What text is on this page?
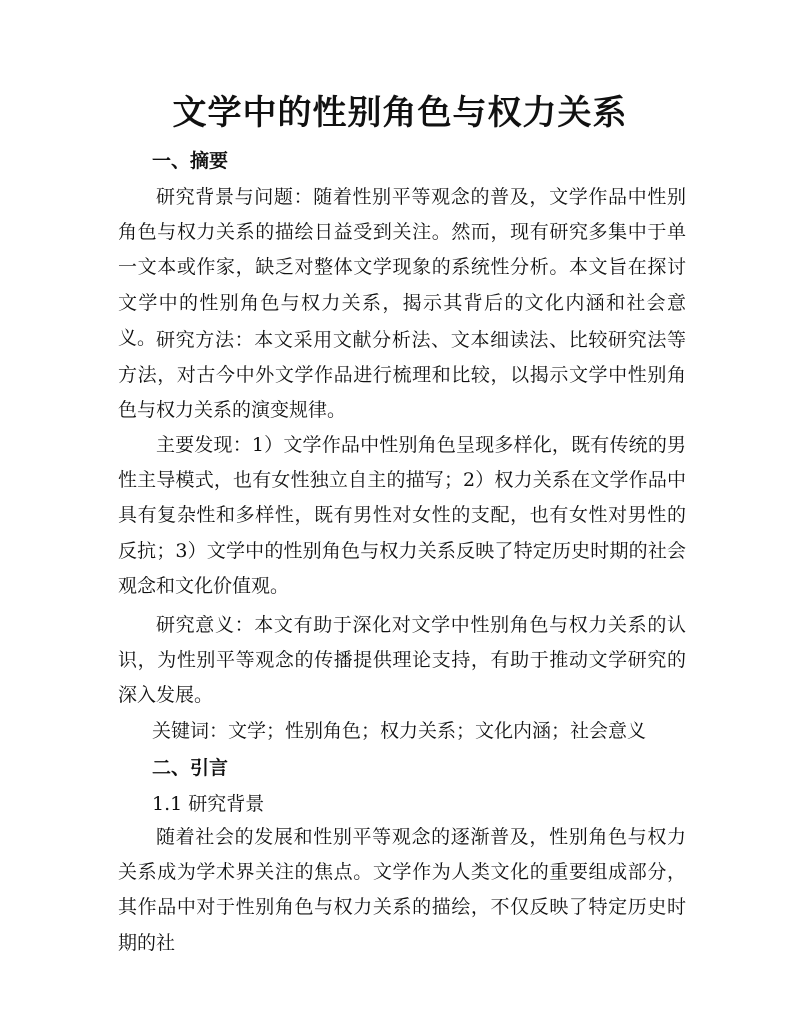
文学中的性别角色与权力关系
一、摘要

研究背景与问题：随着性别平等观念的普及，文学作品中性别角色与权力关系的描绘日益受到关注。然而，现有研究多集中于单一文本或作家，缺乏对整体文学现象的系统性分析。本文旨在探讨文学中的性别角色与权力关系，揭示其背后的文化内涵和社会意义。 研究方法：本文采用文献分析法、文本细读法、比较研究法等方法，对古今中外文学作品进行梳理和比较，以揭示文学中性别角色与权力关系的演变规律。

主要发现：1）文学作品中性别角色呈现多样化，既有传统的男性主导模式，也有女性独立自主的描写；2）权力关系在文学作品中具有复杂性和多样性，既有男性对女性的支配，也有女性对男性的反抗；3）文学中的性别角色与权力关系反映了特定历史时期的社会观念和文化价值观。

研究意义：本文有助于深化对文学中性别角色与权力关系的认识，为性别平等观念的传播提供理论支持，有助于推动文学研究的深入发展。

关键词：文学；性别角色；权力关系；文化内涵；社会意义
二、引言
1.1 研究背景

随着社会的发展和性别平等观念的逐渐普及，性别角色与权力关系成为学术界关注的焦点。文学作为人类文化的重要组成部分，其作品中对于性别角色与权力关系的描绘，不仅反映了特定历史时期的社
